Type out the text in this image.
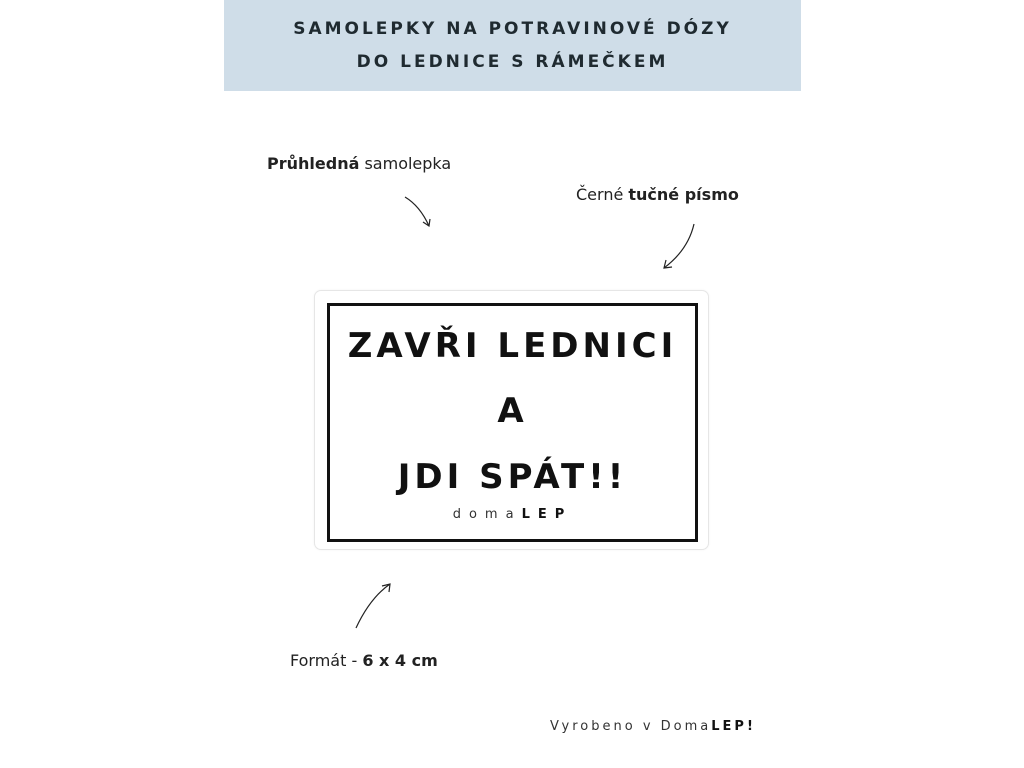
SAMOLEPKY NA POTRAVINOVÉ DÓZY
DO LEDNICE S RÁMEČKEM
Průhledná samolepka
Černé tučné písmo
ZAVŘI LEDNICI
A
JDI SPÁT!!
domaLEP
Formát - 6 x 4 cm
Vyrobeno v DomaLEP!
